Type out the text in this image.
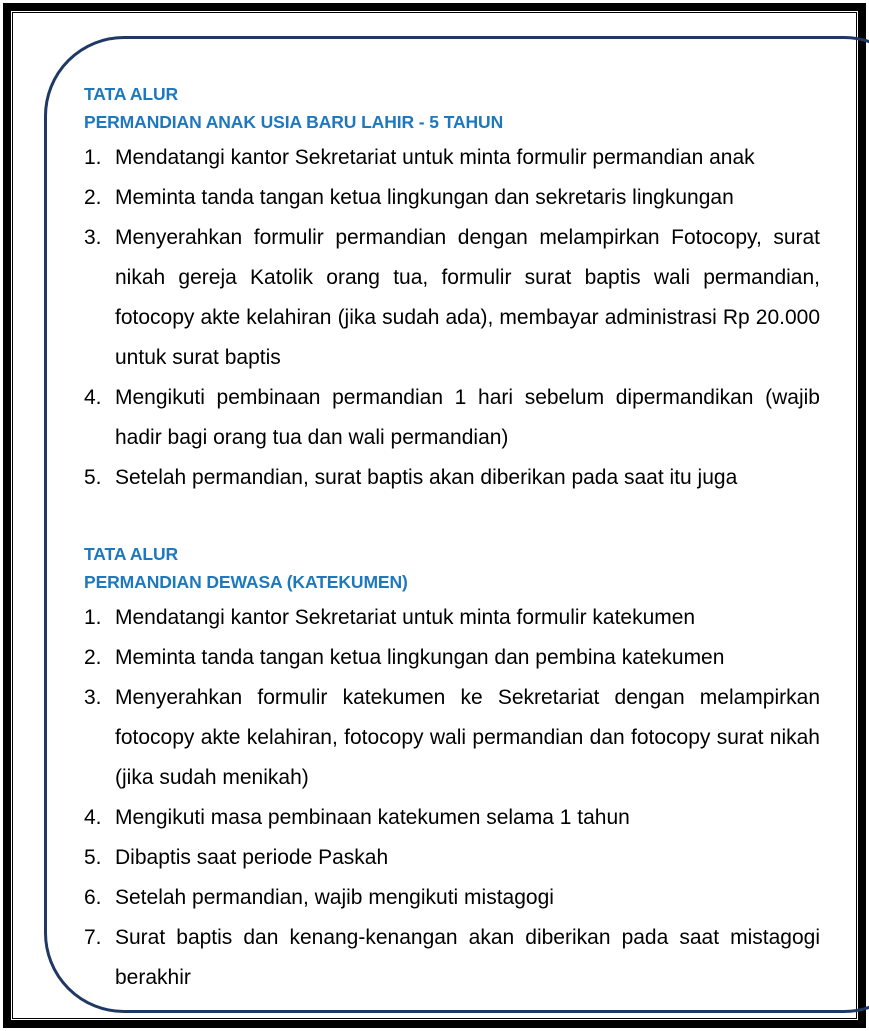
TATA ALUR
PERMANDIAN ANAK USIA BARU LAHIR - 5 TAHUN
1. Mendatangi kantor Sekretariat untuk minta formulir permandian anak
2. Meminta tanda tangan ketua lingkungan dan sekretaris lingkungan
3. Menyerahkan formulir permandian dengan melampirkan Fotocopy, surat nikah gereja Katolik orang tua, formulir surat baptis wali permandian, fotocopy akte kelahiran (jika sudah ada), membayar administrasi Rp 20.000 untuk surat baptis
4. Mengikuti pembinaan permandian 1 hari sebelum dipermandikan (wajib hadir bagi orang tua dan wali permandian)
5. Setelah permandian, surat baptis akan diberikan pada saat itu juga
TATA ALUR
PERMANDIAN DEWASA (KATEKUMEN)
1. Mendatangi kantor Sekretariat untuk minta formulir katekumen
2. Meminta tanda tangan ketua lingkungan dan pembina katekumen
3. Menyerahkan formulir katekumen ke Sekretariat dengan melampirkan fotocopy akte kelahiran, fotocopy wali permandian dan fotocopy surat nikah (jika sudah menikah)
4. Mengikuti masa pembinaan katekumen selama 1 tahun
5. Dibaptis saat periode Paskah
6. Setelah permandian, wajib mengikuti mistagogi
7. Surat baptis dan kenang-kenangan akan diberikan pada saat mistagogi berakhir
